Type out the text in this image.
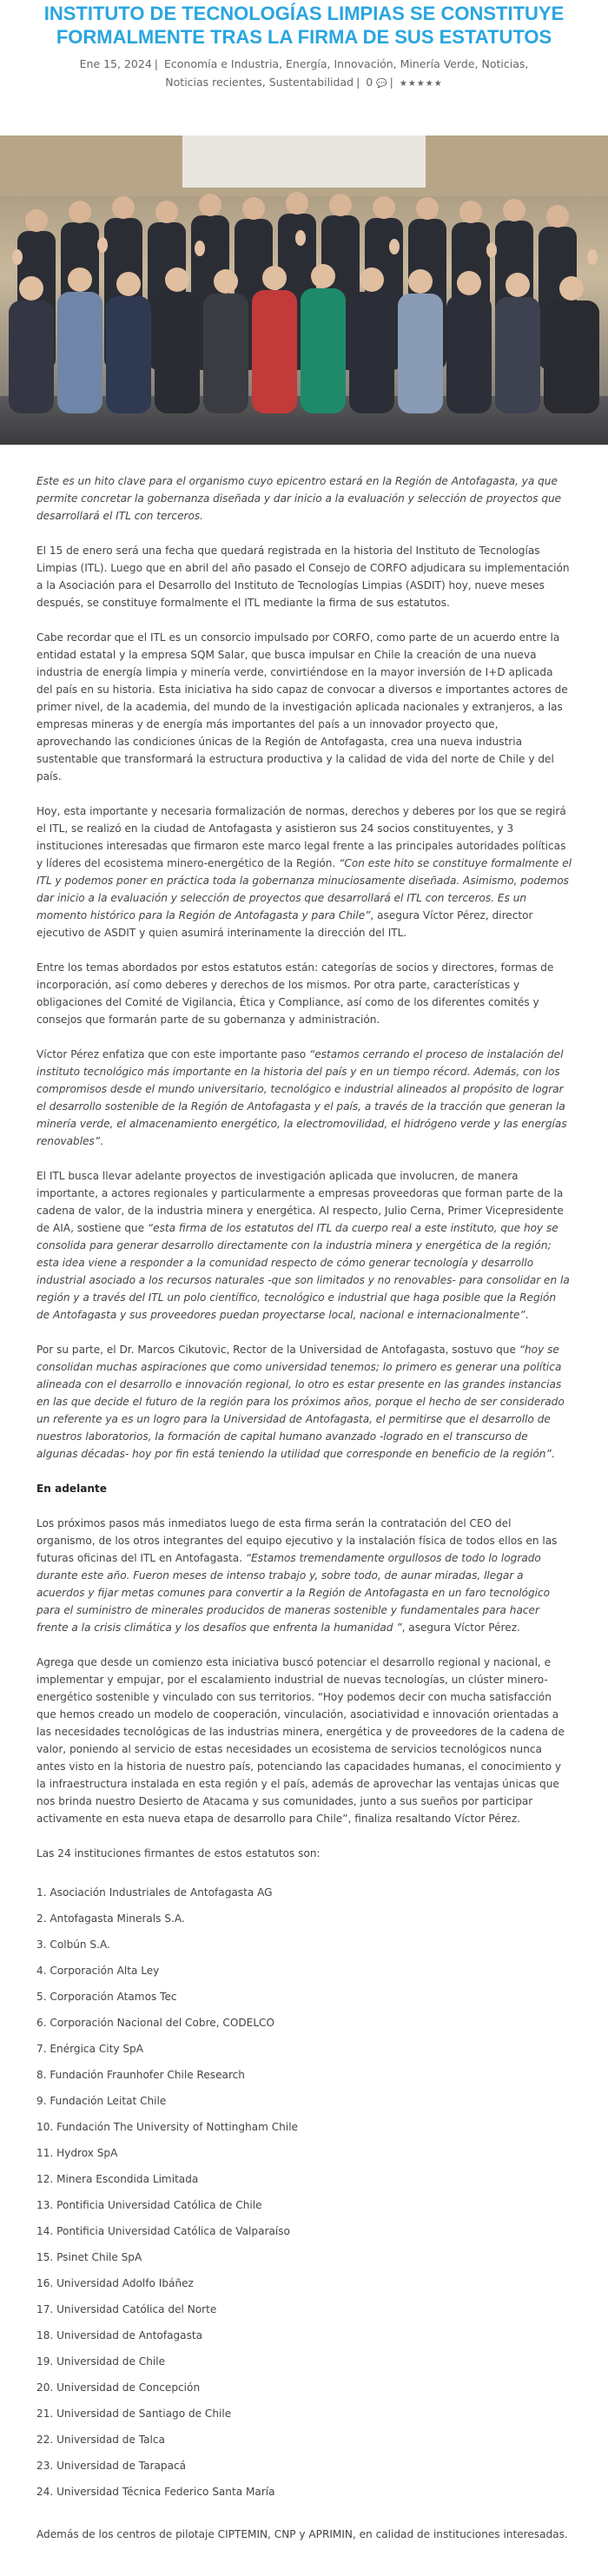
INSTITUTO DE TECNOLOGÍAS LIMPIAS SE CONSTITUYE FORMALMENTE TRAS LA FIRMA DE SUS ESTATUTOS
Ene 15, 2024 | Economía e Industria, Energía, Innovación, Minería Verde, Noticias, Noticias recientes, Sustentabilidad | 0 💬 | ★★★★★

Este es un hito clave para el organismo cuyo epicentro estará en la Región de Antofagasta, ya que permite concretar la gobernanza diseñada y dar inicio a la evaluación y selección de proyectos que desarrollará el ITL con terceros.

El 15 de enero será una fecha que quedará registrada en la historia del Instituto de Tecnologías Limpias (ITL). Luego que en abril del año pasado el Consejo de CORFO adjudicara su implementación a la Asociación para el Desarrollo del Instituto de Tecnologías Limpias (ASDIT) hoy, nueve meses después, se constituye formalmente el ITL mediante la firma de sus estatutos.

Cabe recordar que el ITL es un consorcio impulsado por CORFO, como parte de un acuerdo entre la entidad estatal y la empresa SQM Salar, que busca impulsar en Chile la creación de una nueva industria de energía limpia y minería verde, convirtiéndose en la mayor inversión de I+D aplicada del país en su historia. Esta iniciativa ha sido capaz de convocar a diversos e importantes actores de primer nivel, de la academia, del mundo de la investigación aplicada nacionales y extranjeros, a las empresas mineras y de energía más importantes del país a un innovador proyecto que, aprovechando las condiciones únicas de la Región de Antofagasta, crea una nueva industria sustentable que transformará la estructura productiva y la calidad de vida del norte de Chile y del país.

Hoy, esta importante y necesaria formalización de normas, derechos y deberes por los que se regirá el ITL, se realizó en la ciudad de Antofagasta y asistieron sus 24 socios constituyentes, y 3 instituciones interesadas que firmaron este marco legal frente a las principales autoridades políticas y líderes del ecosistema minero-energético de la Región. “Con este hito se constituye formalmente el ITL y podemos poner en práctica toda la gobernanza minuciosamente diseñada. Asimismo, podemos dar inicio a la evaluación y selección de proyectos que desarrollará el ITL con terceros. Es un momento histórico para la Región de Antofagasta y para Chile”, asegura Víctor Pérez, director ejecutivo de ASDIT y quien asumirá interinamente la dirección del ITL.

Entre los temas abordados por estos estatutos están: categorías de socios y directores, formas de incorporación, así como deberes y derechos de los mismos. Por otra parte, características y obligaciones del Comité de Vigilancia, Ética y Compliance, así como de los diferentes comités y consejos que formarán parte de su gobernanza y administración.

Víctor Pérez enfatiza que con este importante paso “estamos cerrando el proceso de instalación del instituto tecnológico más importante en la historia del país y en un tiempo récord. Además, con los compromisos desde el mundo universitario, tecnológico e industrial alineados al propósito de lograr el desarrollo sostenible de la Región de Antofagasta y el país, a través de la tracción que generan la minería verde, el almacenamiento energético, la electromovilidad, el hidrógeno verde y las energías renovables”.

El ITL busca llevar adelante proyectos de investigación aplicada que involucren, de manera importante, a actores regionales y particularmente a empresas proveedoras que forman parte de la cadena de valor, de la industria minera y energética. Al respecto, Julio Cerna, Primer Vicepresidente de AIA, sostiene que “esta firma de los estatutos del ITL da cuerpo real a este instituto, que hoy se consolida para generar desarrollo directamente con la industria minera y energética de la región; esta idea viene a responder a la comunidad respecto de cómo generar tecnología y desarrollo industrial asociado a los recursos naturales -que son limitados y no renovables- para consolidar en la región y a través del ITL un polo científico, tecnológico e industrial que haga posible que la Región de Antofagasta y sus proveedores puedan proyectarse local, nacional e internacionalmente”.

Por su parte, el Dr. Marcos Cikutovic, Rector de la Universidad de Antofagasta, sostuvo que “hoy se consolidan muchas aspiraciones que como universidad tenemos; lo primero es generar una política alineada con el desarrollo e innovación regional, lo otro es estar presente en las grandes instancias en las que decide el futuro de la región para los próximos años, porque el hecho de ser considerado un referente ya es un logro para la Universidad de Antofagasta, el permitirse que el desarrollo de nuestros laboratorios, la formación de capital humano avanzado -logrado en el transcurso de algunas décadas- hoy por fin está teniendo la utilidad que corresponde en beneficio de la región”.

En adelante

Los próximos pasos más inmediatos luego de esta firma serán la contratación del CEO del organismo, de los otros integrantes del equipo ejecutivo y la instalación física de todos ellos en las futuras oficinas del ITL en Antofagasta. “Estamos tremendamente orgullosos de todo lo logrado durante este año. Fueron meses de intenso trabajo y, sobre todo, de aunar miradas, llegar a acuerdos y fijar metas comunes para convertir a la Región de Antofagasta en un faro tecnológico para el suministro de minerales producidos de maneras sostenible y fundamentales para hacer frente a la crisis climática y los desafíos que enfrenta la humanidad ”, asegura Víctor Pérez.

Agrega que desde un comienzo esta iniciativa buscó potenciar el desarrollo regional y nacional, e implementar y empujar, por el escalamiento industrial de nuevas tecnologías, un clúster minero-energético sostenible y vinculado con sus territorios. “Hoy podemos decir con mucha satisfacción que hemos creado un modelo de cooperación, vinculación, asociatividad e innovación orientadas a las necesidades tecnológicas de las industrias minera, energética y de proveedores de la cadena de valor, poniendo al servicio de estas necesidades un ecosistema de servicios tecnológicos nunca antes visto en la historia de nuestro país, potenciando las capacidades humanas, el conocimiento y la infraestructura instalada en esta región y el país, además de aprovechar las ventajas únicas que nos brinda nuestro Desierto de Atacama y sus comunidades, junto a sus sueños por participar activamente en esta nueva etapa de desarrollo para Chile”, finaliza resaltando Víctor Pérez.

Las 24 instituciones firmantes de estos estatutos son:

1. Asociación Industriales de Antofagasta AG
2. Antofagasta Minerals S.A.
3. Colbún S.A.
4. Corporación Alta Ley
5. Corporación Atamos Tec
6. Corporación Nacional del Cobre, CODELCO
7. Enérgica City SpA
8. Fundación Fraunhofer Chile Research
9. Fundación Leitat Chile
10. Fundación The University of Nottingham Chile
11. Hydrox SpA
12. Minera Escondida Limitada
13. Pontificia Universidad Católica de Chile
14. Pontificia Universidad Católica de Valparaíso
15. Psinet Chile SpA
16. Universidad Adolfo Ibáñez
17. Universidad Católica del Norte
18. Universidad de Antofagasta
19. Universidad de Chile
20. Universidad de Concepción
21. Universidad de Santiago de Chile
22. Universidad de Talca
23. Universidad de Tarapacá
24. Universidad Técnica Federico Santa María

Además de los centros de pilotaje CIPTEMIN, CNP y APRIMIN, en calidad de instituciones interesadas.
